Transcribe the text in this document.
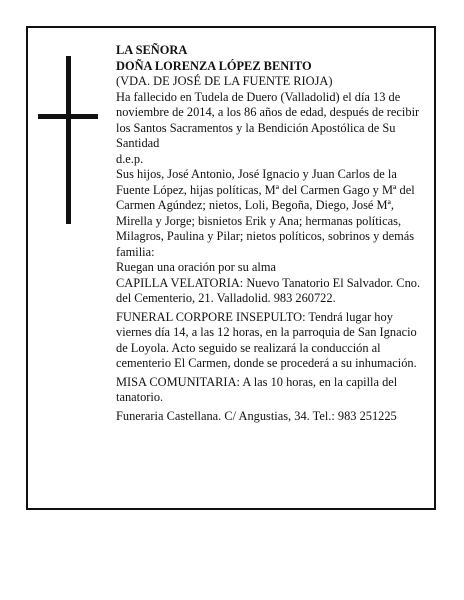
LA SEÑORA

DOÑA LORENZA LÓPEZ BENITO

(VDA. DE JOSÉ DE LA FUENTE RIOJA)

Ha fallecido en Tudela de Duero (Valladolid) el día 13 de noviembre de 2014, a los 86 años de edad, después de recibir los Santos Sacramentos y la Bendición Apostólica de Su Santidad

d.e.p.

Sus hijos, José Antonio, José Ignacio y Juan Carlos de la Fuente López, hijas políticas, Mª del Carmen Gago y Mª del Carmen Agúndez; nietos, Loli, Begoña, Diego, José Mª, Mirella y Jorge; bisnietos Erik y Ana; hermanas políticas, Milagros, Paulina y Pilar; nietos políticos, sobrinos y demás familia:

Ruegan una oración por su alma

CAPILLA VELATORIA: Nuevo Tanatorio El Salvador. Cno. del Cementerio, 21. Valladolid. 983 260722.

FUNERAL CORPORE INSEPULTO: Tendrá lugar hoy viernes día 14, a las 12 horas, en la parroquia de San Ignacio de Loyola. Acto seguido se realizará la conducción al cementerio El Carmen, donde se procederá a su inhumación.

MISA COMUNITARIA: A las 10 horas, en la capilla del tanatorio.

Funeraria Castellana. C/ Angustias, 34. Tel.: 983 251225
